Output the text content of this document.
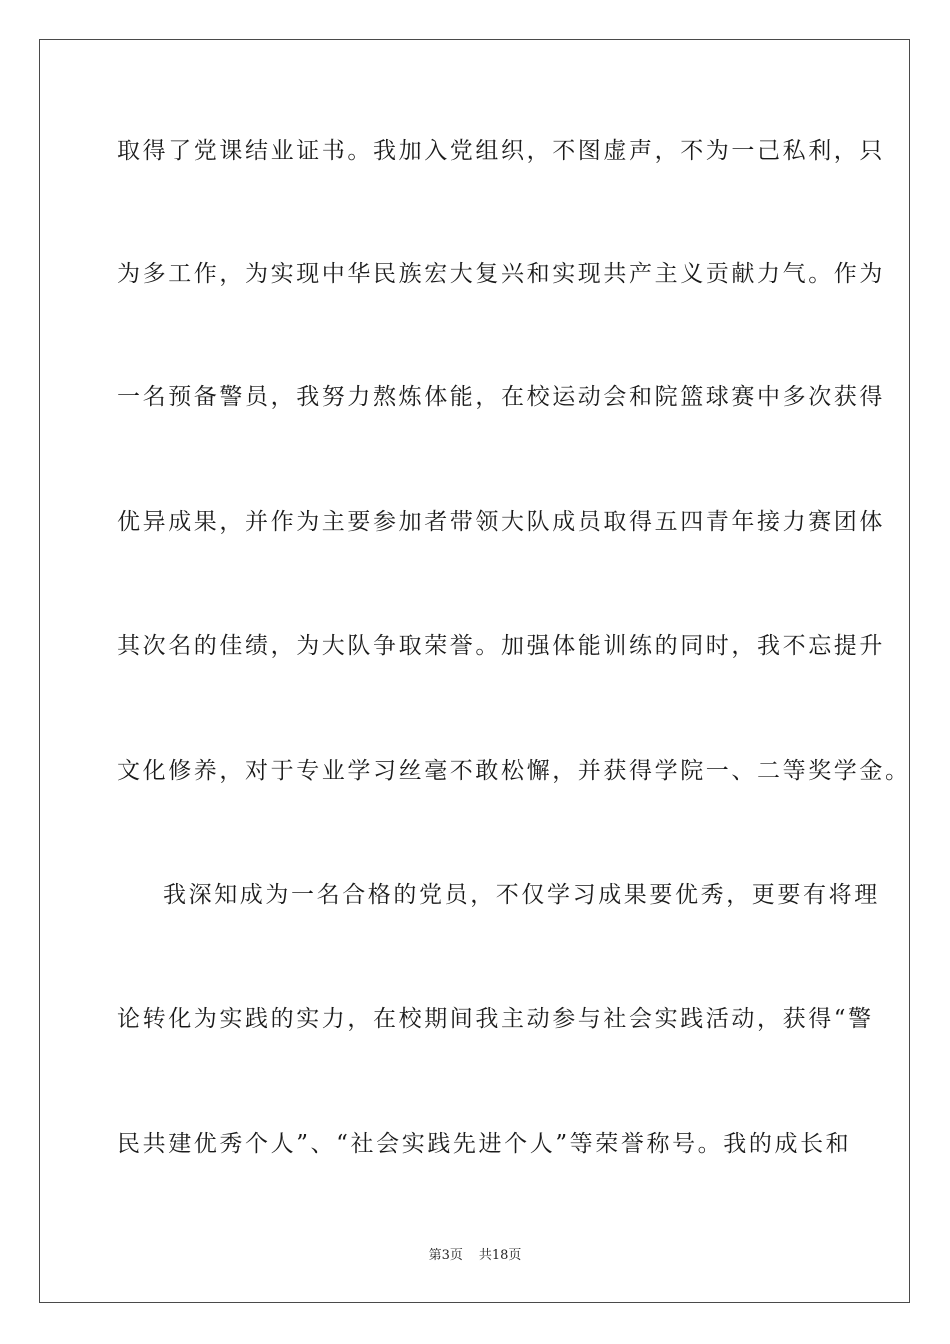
取得了党课结业证书。我加入党组织，不图虚声，不为一己私利，只
为多工作，为实现中华民族宏大复兴和实现共产主义贡献力气。作为
一名预备警员，我努力熬炼体能，在校运动会和院篮球赛中多次获得
优异成果，并作为主要参加者带领大队成员取得五四青年接力赛团体
其次名的佳绩，为大队争取荣誉。加强体能训练的同时，我不忘提升
文化修养，对于专业学习丝毫不敢松懈，并获得学院一、二等奖学金。
我深知成为一名合格的党员，不仅学习成果要优秀，更要有将理
论转化为实践的实力，在校期间我主动参与社会实践活动，获得“警
民共建优秀个人”、“社会实践先进个人”等荣誉称号。我的成长和
第3页 共18页
